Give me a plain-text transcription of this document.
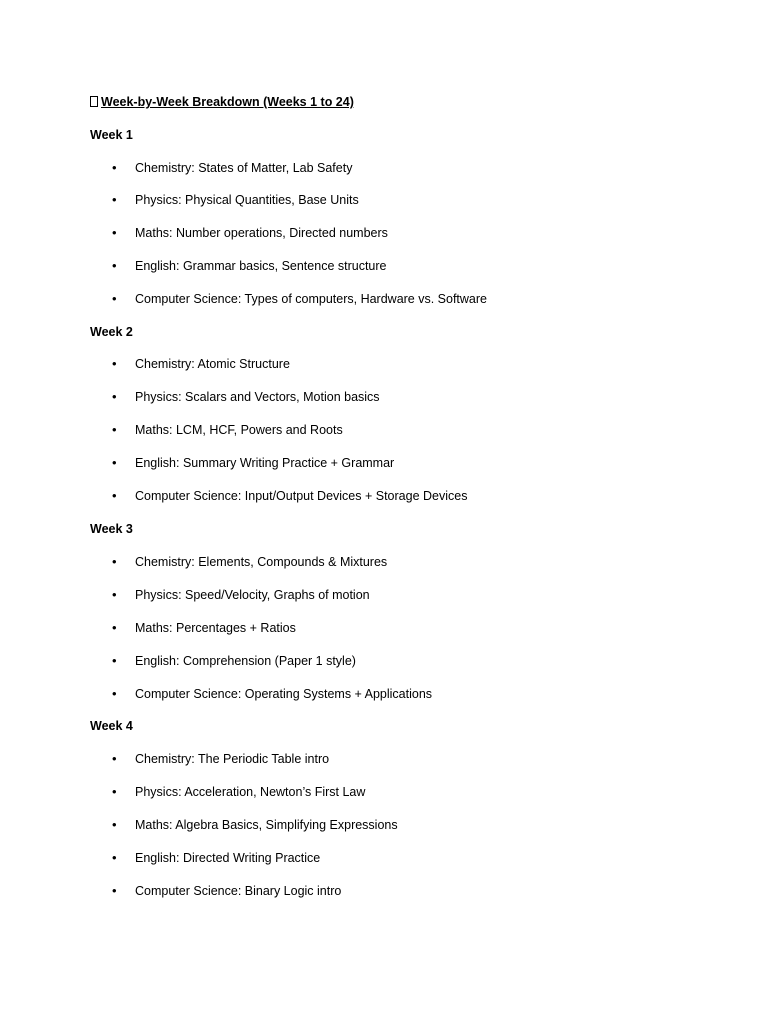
Week-by-Week Breakdown (Weeks 1 to 24)
Week 1
•	Chemistry: States of Matter, Lab Safety
•	Physics: Physical Quantities, Base Units
•	Maths: Number operations, Directed numbers
•	English: Grammar basics, Sentence structure
•	Computer Science: Types of computers, Hardware vs. Software
Week 2
•	Chemistry: Atomic Structure
•	Physics: Scalars and Vectors, Motion basics
•	Maths: LCM, HCF, Powers and Roots
•	English: Summary Writing Practice + Grammar
•	Computer Science: Input/Output Devices + Storage Devices
Week 3
•	Chemistry: Elements, Compounds & Mixtures
•	Physics: Speed/Velocity, Graphs of motion
•	Maths: Percentages + Ratios
•	English: Comprehension (Paper 1 style)
•	Computer Science: Operating Systems + Applications
Week 4
•	Chemistry: The Periodic Table intro
•	Physics: Acceleration, Newton’s First Law
•	Maths: Algebra Basics, Simplifying Expressions
•	English: Directed Writing Practice
•	Computer Science: Binary Logic intro
